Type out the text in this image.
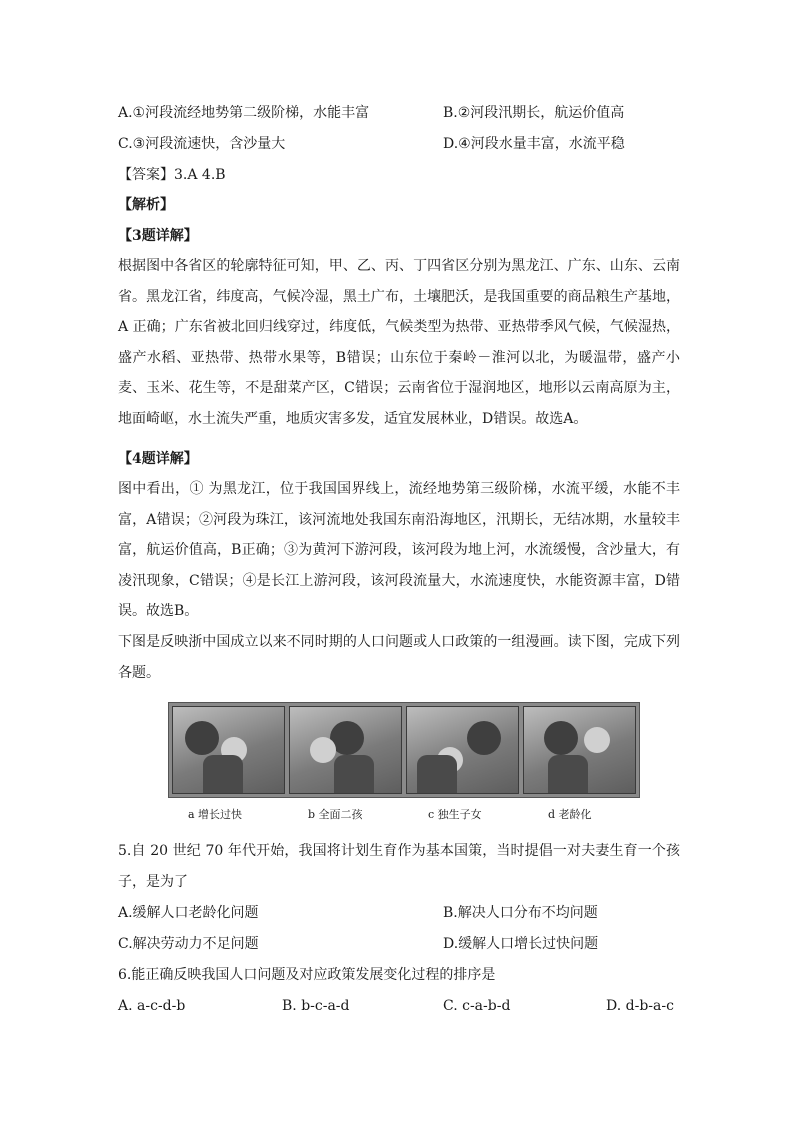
A.①河段流经地势第二级阶梯，水能丰富	B.②河段汛期长，航运价值高
C.③河段流速快，含沙量大	D.④河段水量丰富，水流平稳
【答案】3.A 4.B
【解析】
【3题详解】
根据图中各省区的轮廓特征可知，甲、乙、丙、丁四省区分别为黑龙江、广东、山东、云南省。黑龙江省，纬度高，气候冷湿，黑土广布，土壤肥沃，是我国重要的商品粮生产基地，A 正确；广东省被北回归线穿过，纬度低，气候类型为热带、亚热带季风气候，气候湿热，盛产水稻、亚热带、热带水果等，B错误；山东位于秦岭－淮河以北，为暖温带，盛产小麦、玉米、花生等，不是甜菜产区，C错误；云南省位于湿润地区，地形以云南高原为主，地面崎岖，水土流失严重，地质灾害多发，适宜发展林业，D错误。故选A。
【4题详解】
图中看出，① 为黑龙江，位于我国国界线上，流经地势第三级阶梯，水流平缓，水能不丰富，A错误；②河段为珠江，该河流地处我国东南沿海地区，汛期长，无结冰期，水量较丰富，航运价值高，B正确；③为黄河下游河段，该河段为地上河，水流缓慢，含沙量大，有凌汛现象，C错误；④是长江上游河段，该河段流量大，水流速度快，水能资源丰富，D错误。故选B。
下图是反映浙中国成立以来不同时期的人口问题或人口政策的一组漫画。读下图，完成下列各题。
a 增长过快	b 全面二孩	c 独生子女	d 老龄化
5.自 20 世纪 70 年代开始，我国将计划生育作为基本国策，当时提倡一对夫妻生育一个孩子，是为了
A.缓解人口老龄化问题	B.解决人口分布不均问题
C.解决劳动力不足问题	D.缓解人口增长过快问题
6.能正确反映我国人口问题及对应政策发展变化过程的排序是
A. a-c-d-b	B. b-c-a-d	C. c-a-b-d	D. d-b-a-c
